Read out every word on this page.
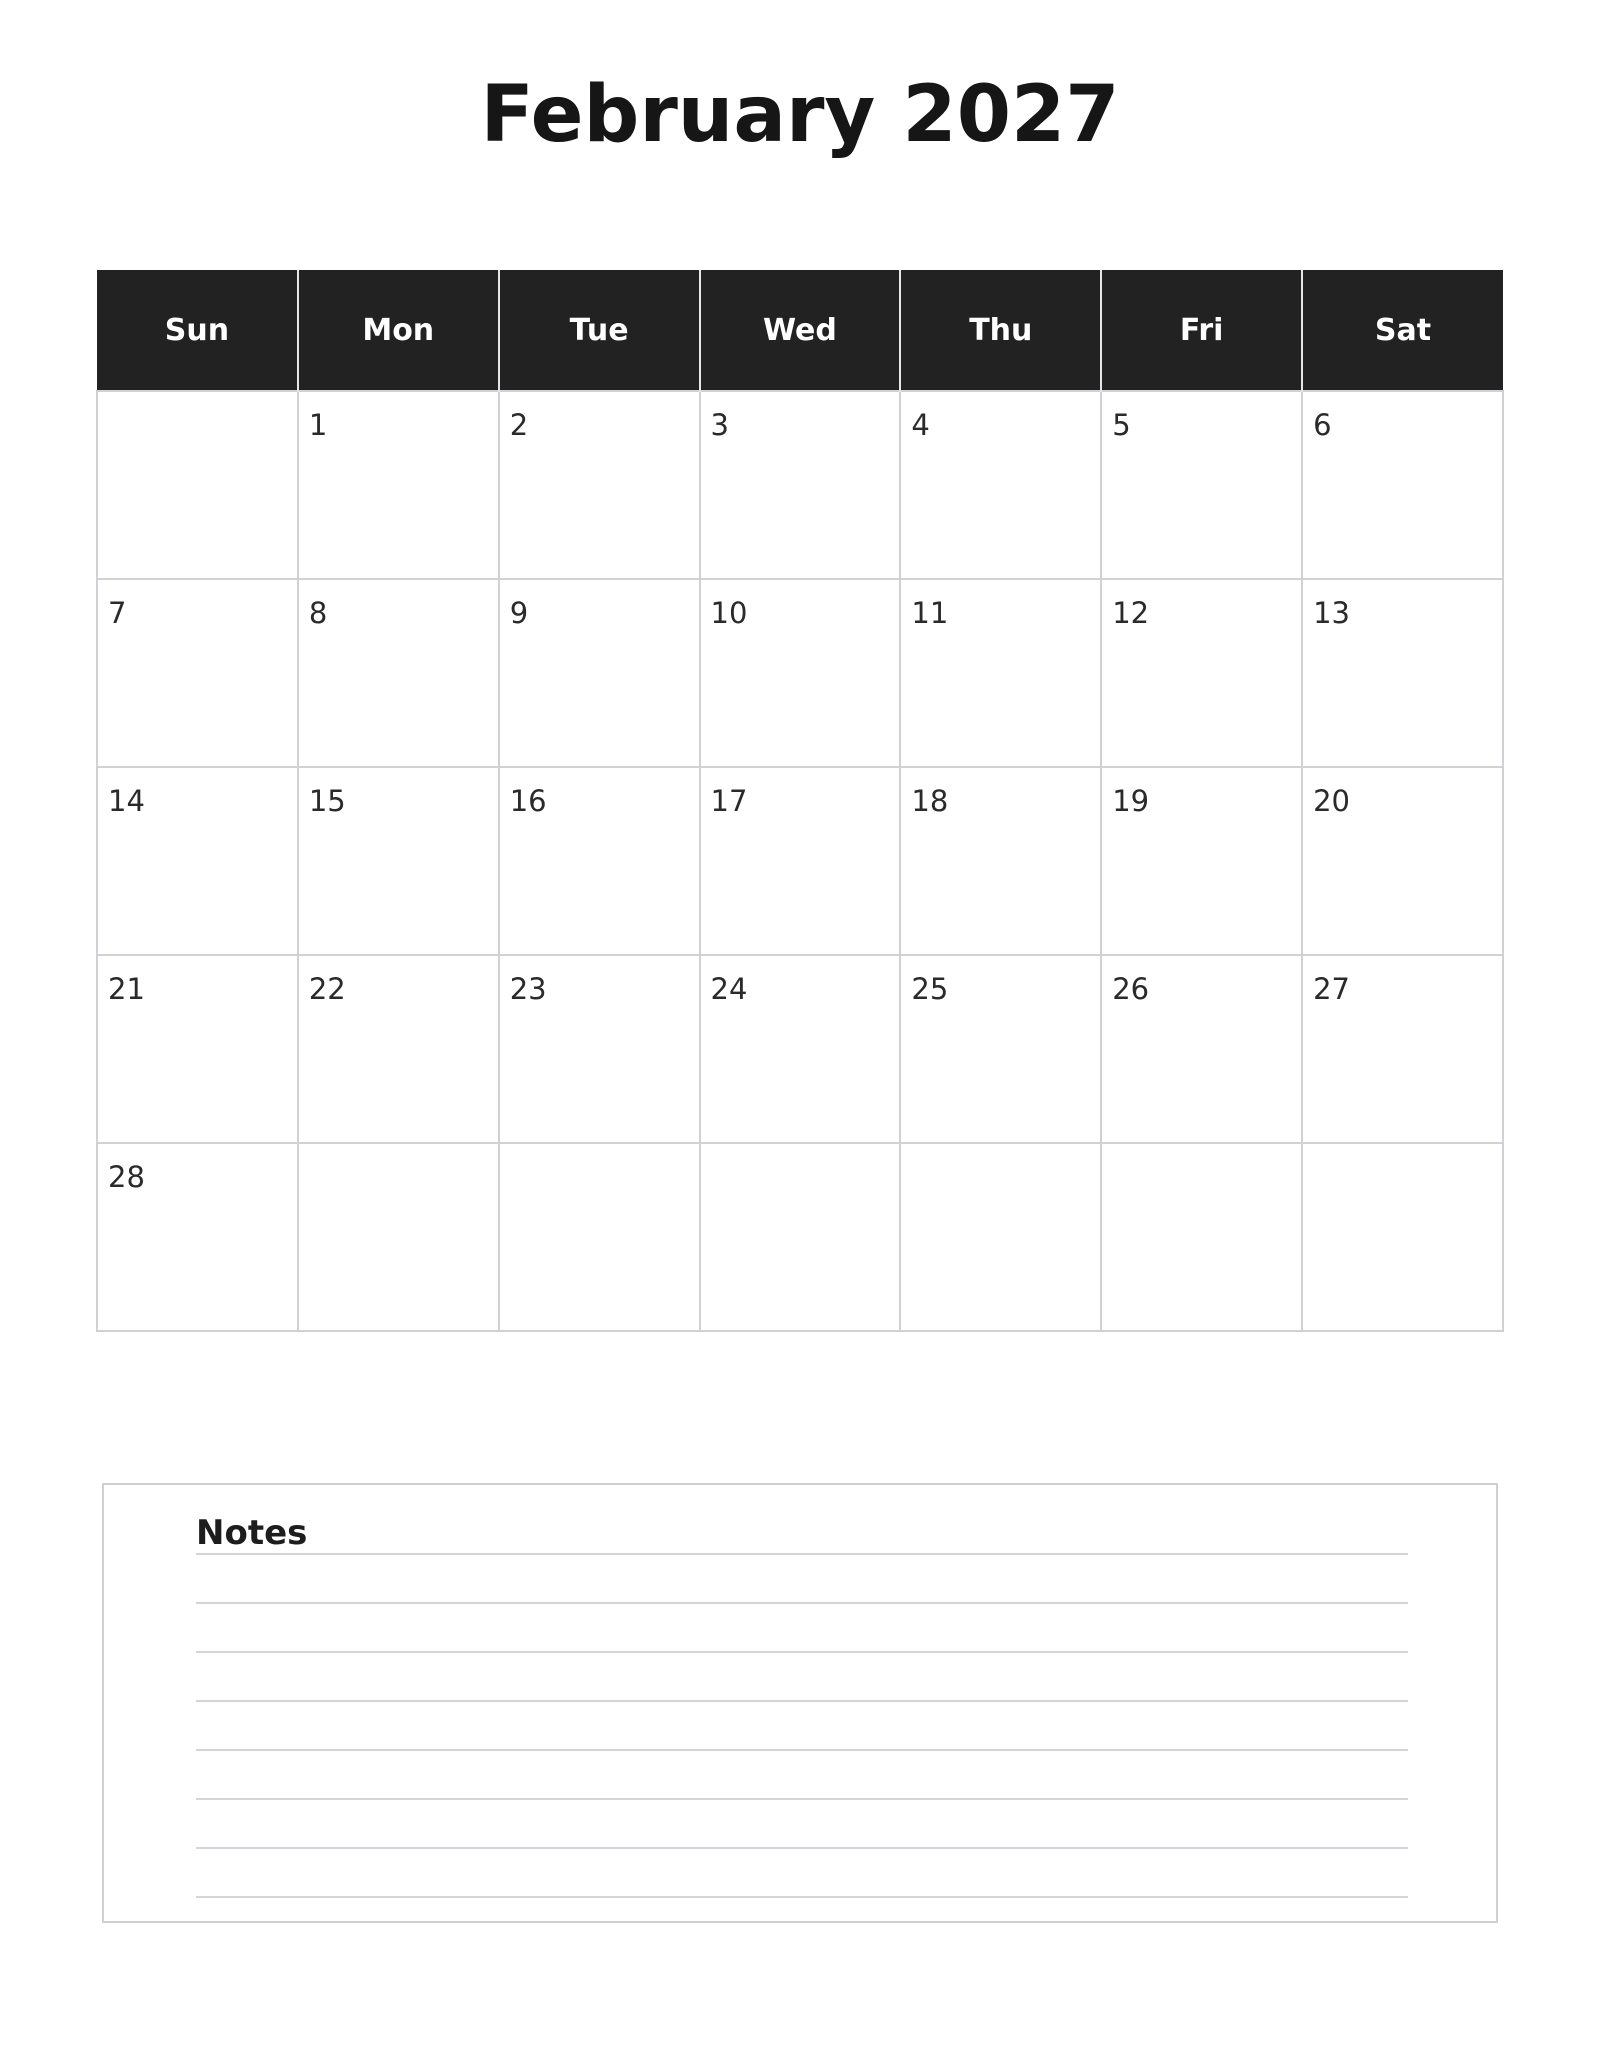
February 2027
Sun	Mon	Tue	Wed	Thu	Fri	Sat

	1	2	3	4	5	6

7	8	9	10	11	12	13

14	15	16	17	18	19	20

21	22	23	24	25	26	27

28						

Notes
